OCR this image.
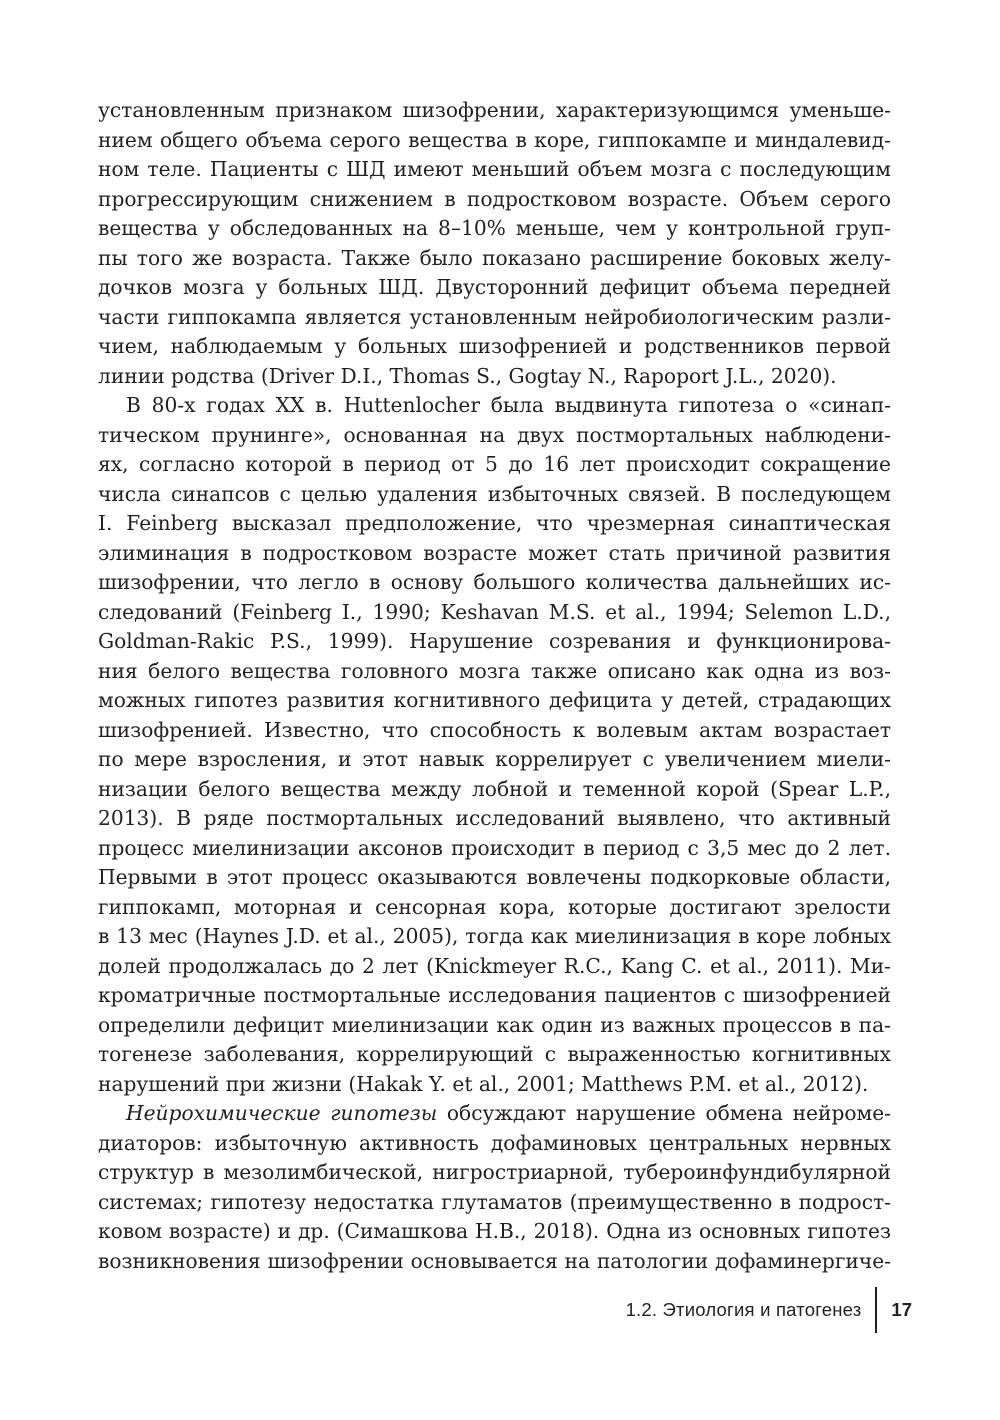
установленным признаком шизофрении, характеризующимся уменьше-
нием общего объема серого вещества в коре, гиппокампе и миндалевид-
ном теле. Пациенты с ШД имеют меньший объем мозга с последующим
прогрессирующим снижением в подростковом возрасте. Объем серого
вещества у обследованных на 8–10% меньше, чем у контрольной груп-
пы того же возраста. Также было показано расширение боковых желу-
дочков мозга у больных ШД. Двусторонний дефицит объема передней
части гиппокампа является установленным нейробиологическим разли-
чием, наблюдаемым у больных шизофренией и родственников первой
линии родства (Driver D.I., Thomas S., Gogtay N., Rapoport J.L., 2020).
В 80-х годах XX в. Huttenlocher была выдвинута гипотеза о «синап-
тическом прунинге», основанная на двух постмортальных наблюдени-
ях, согласно которой в период от 5 до 16 лет происходит сокращение
числа синапсов с целью удаления избыточных связей. В последующем
I. Feinberg высказал предположение, что чрезмерная синаптическая
элиминация в подростковом возрасте может стать причиной развития
шизофрении, что легло в основу большого количества дальнейших ис-
следований (Feinberg I., 1990; Keshavan M.S. et al., 1994; Selemon L.D.,
Goldman-Rakic P.S., 1999). Нарушение созревания и функционирова-
ния белого вещества головного мозга также описано как одна из воз-
можных гипотез развития когнитивного дефицита у детей, страдающих
шизофренией. Известно, что способность к волевым актам возрастает
по мере взросления, и этот навык коррелирует с увеличением миели-
низации белого вещества между лобной и теменной корой (Spear L.P.,
2013). В ряде постмортальных исследований выявлено, что активный
процесс миелинизации аксонов происходит в период с 3,5 мес до 2 лет.
Первыми в этот процесс оказываются вовлечены подкорковые области,
гиппокамп, моторная и сенсорная кора, которые достигают зрелости
в 13 мес (Haynes J.D. et al., 2005), тогда как миелинизация в коре лобных
долей продолжалась до 2 лет (Knickmeyer R.C., Kang C. et al., 2011). Ми-
кроматричные постмортальные исследования пациентов с шизофренией
определили дефицит миелинизации как один из важных процессов в па-
тогенезе заболевания, коррелирующий с выраженностью когнитивных
нарушений при жизни (Hakak Y. et al., 2001; Matthews P.M. et al., 2012).
Нейрохимические гипотезы обсуждают нарушение обмена нейроме-
диаторов: избыточную активность дофаминовых центральных нервных
структур в мезолимбической, нигростриарной, тубероинфундибулярной
системах; гипотезу недостатка глутаматов (преимущественно в подрост-
ковом возрасте) и др. (Симашкова Н.В., 2018). Одна из основных гипотез
возникновения шизофрении основывается на патологии дофаминергиче-
1.2. Этиология и патогенез 17
